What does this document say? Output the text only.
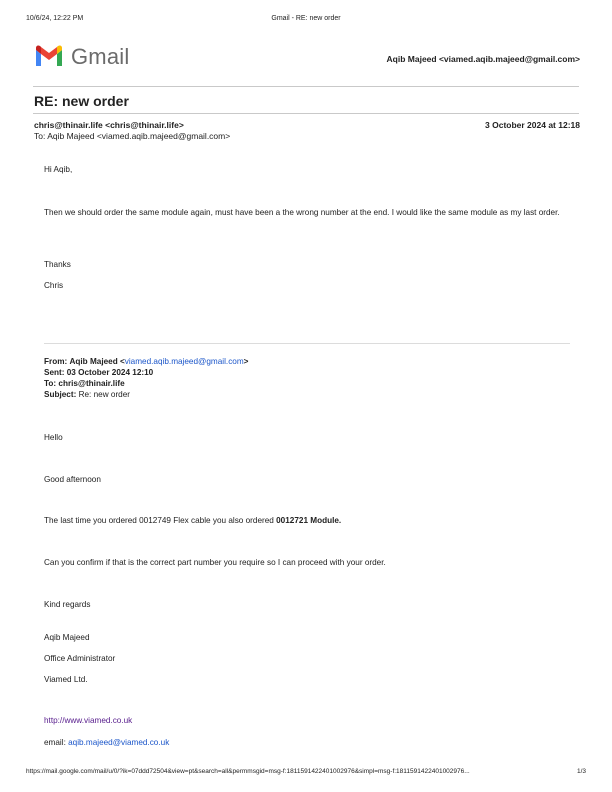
10/6/24, 12:22 PM	Gmail - RE: new order
Gmail	Aqib Majeed <viamed.aqib.majeed@gmail.com>
RE: new order
chris@thinair.life <chris@thinair.life>	3 October 2024 at 12:18
To: Aqib Majeed <viamed.aqib.majeed@gmail.com>
Hi Aqib,
Then we should order the same module again, must have been a the wrong number at the end. I would like the same module as my last order.
Thanks
Chris
From: Aqib Majeed <viamed.aqib.majeed@gmail.com>
Sent: 03 October 2024 12:10
To: chris@thinair.life
Subject: Re: new order
Hello
Good afternoon
The last time you ordered 0012749 Flex cable you also ordered 0012721 Module.
Can you confirm if that is the correct part number you require so I can proceed with your order.
Kind regards
Aqib Majeed
Office Administrator
Viamed Ltd.
http://www.viamed.co.uk
email: aqib.majeed@viamed.co.uk
https://mail.google.com/mail/u/0/?ik=07ddd72504&view=pt&search=all&permmsgid=msg-f:1811591422401002976&simpl=msg-f:1811591422401002976...	1/3
